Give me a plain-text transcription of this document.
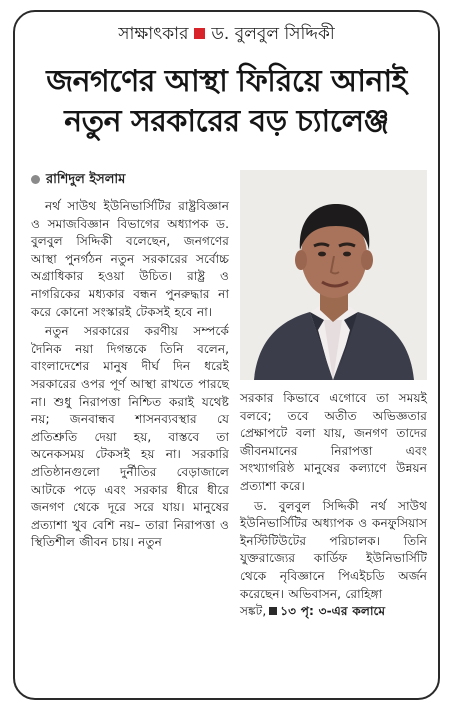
সাক্ষাৎকার ড. বুলবুল সিদ্দিকী
জনগণের আস্থা ফিরিয়ে আনাই
নতুন সরকারের বড় চ্যালেঞ্জ
রাশিদুল ইসলাম

নর্থ সাউথ ইউনিভার্সিটির রাষ্ট্রবিজ্ঞান ও সমাজবিজ্ঞান বিভাগের অধ্যাপক ড. বুলবুল সিদ্দিকী বলেছেন, জনগণের আস্থা পুনর্গঠন নতুন সরকারের সর্বোচ্চ অগ্রাধিকার হওয়া উচিত। রাষ্ট্র ও নাগরিকের মধ্যকার বন্ধন পুনরুদ্ধার না করে কোনো সংস্কারই টেকসই হবে না।

নতুন সরকারের করণীয় সম্পর্কে দৈনিক নয়া দিগন্তকে তিনি বলেন, বাংলাদেশের মানুষ দীর্ঘ দিন ধরেই সরকারের ওপর পূর্ণ আস্থা রাখতে পারছে না। শুধু নিরাপত্তা নিশ্চিত করাই যথেষ্ট নয়; জনবান্ধব শাসনব্যবস্থার যে প্রতিশ্রুতি দেয়া হয়, বাস্তবে তা অনেকসময় টেকসই হয় না। সরকারি প্রতিষ্ঠানগুলো দুর্নীতির বেড়াজালে আটকে পড়ে এবং সরকার ধীরে ধীরে জনগণ থেকে দূরে সরে যায়। মানুষের প্রত্যাশা খুব বেশি নয়– তারা নিরাপত্তা ও স্থিতিশীল জীবন চায়। নতুন

সরকার কিভাবে এগোবে তা সময়ই বলবে; তবে অতীত অভিজ্ঞতার প্রেক্ষাপটে বলা যায়, জনগণ তাদের জীবনমানের নিরাপত্তা এবং সংখ্যাগরিষ্ঠ মানুষের কল্যাণে উন্নয়ন প্রত্যাশা করে।

ড. বুলবুল সিদ্দিকী নর্থ সাউথ ইউনিভার্সিটির অধ্যাপক ও কনফুসিয়াস ইনস্টিটিউটের পরিচালক। তিনি যুক্তরাজ্যের কার্ডিফ ইউনিভার্সিটি থেকে নৃবিজ্ঞানে পিএইচডি অর্জন করেছেন। অভিবাসন, রোহিঙ্গা

সঙ্কট, ১৩ পৃ: ৩-এর কলামে
